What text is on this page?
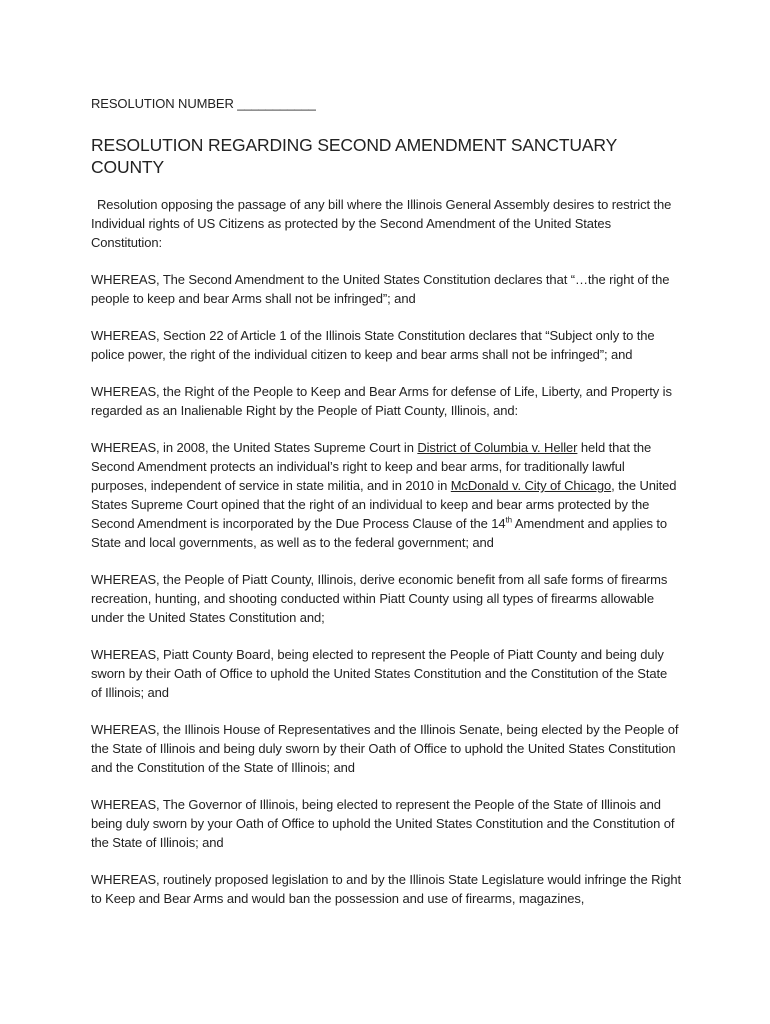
RESOLUTION NUMBER ___________
RESOLUTION REGARDING SECOND AMENDMENT SANCTUARY COUNTY

Resolution opposing the passage of any bill where the Illinois General Assembly desires to restrict the Individual rights of US Citizens as protected by the Second Amendment of the United States Constitution:

WHEREAS, The Second Amendment to the United States Constitution declares that “…the right of the people to keep and bear Arms shall not be infringed”; and

WHEREAS, Section 22 of Article 1 of the Illinois State Constitution declares that “Subject only to the police power, the right of the individual citizen to keep and bear arms shall not be infringed”; and

WHEREAS, the Right of the People to Keep and Bear Arms for defense of Life, Liberty, and Property is regarded as an Inalienable Right by the People of Piatt County, Illinois, and:

WHEREAS, in 2008, the United States Supreme Court in District of Columbia v. Heller held that the Second Amendment protects an individual’s right to keep and bear arms, for traditionally lawful purposes, independent of service in state militia, and in 2010 in McDonald v. City of Chicago, the United States Supreme Court opined that the right of an individual to keep and bear arms protected by the Second Amendment is incorporated by the Due Process Clause of the 14th Amendment and applies to State and local governments, as well as to the federal government; and

WHEREAS, the People of Piatt County, Illinois, derive economic benefit from all safe forms of firearms recreation, hunting, and shooting conducted within Piatt County using all types of firearms allowable under the United States Constitution and;

WHEREAS, Piatt County Board, being elected to represent the People of Piatt County and being duly sworn by their Oath of Office to uphold the United States Constitution and the Constitution of the State of Illinois; and

WHEREAS, the Illinois House of Representatives and the Illinois Senate, being elected by the People of the State of Illinois and being duly sworn by their Oath of Office to uphold the United States Constitution and the Constitution of the State of Illinois; and

WHEREAS, The Governor of Illinois, being elected to represent the People of the State of Illinois and being duly sworn by your Oath of Office to uphold the United States Constitution and the Constitution of the State of Illinois; and

WHEREAS, routinely proposed legislation to and by the Illinois State Legislature would infringe the Right to Keep and Bear Arms and would ban the possession and use of firearms, magazines,
